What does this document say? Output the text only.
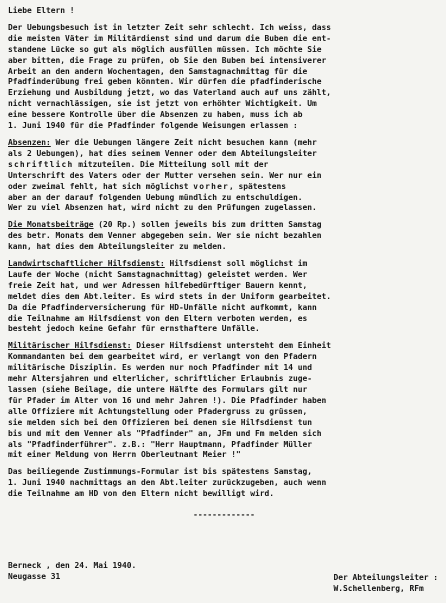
Liebe Eltern !
Der Uebungsbesuch ist in letzter Zeit sehr schlecht. Ich weiss, dass
die meisten Väter im Militärdienst sind und darum die Buben die ent-
standene Lücke so gut als möglich ausfüllen müssen. Ich möchte Sie
aber bitten, die Frage zu prüfen, ob Sie den Buben bei intensiverer
Arbeit an den andern Wochentagen, den Samstagnachmittag für die
Pfadfinderübung frei geben könnten. Wir dürfen die pfadfinderische
Erziehung und Ausbildung jetzt, wo das Vaterland auch auf uns zählt,
nicht vernachlässigen, sie ist jetzt von erhöhter Wichtigkeit. Um
eine bessere Kontrolle über die Absenzen zu haben, muss ich ab
1. Juni 1940 für die Pfadfinder folgende Weisungen erlassen :
Absenzen: Wer die Uebungen längere Zeit nicht besuchen kann (mehr
als 2 Uebungen), hat dies seinem Venner oder dem Abteilungsleiter
schriftlich mitzuteilen. Die Mitteilung soll mit der
Unterschrift des Vaters oder der Mutter versehen sein. Wer nur ein
oder zweimal fehlt, hat sich möglichst vorher, spätestens
aber an der darauf folgenden Uebung mündlich zu entschuldigen.
Wer zu viel Absenzen hat, wird nicht zu den Prüfungen zugelassen.
Die Monatsbeiträge (20 Rp.) sollen jeweils bis zum dritten Samstag
des betr. Monats dem Venner abgegeben sein. Wer sie nicht bezahlen
kann, hat dies dem Abteilungsleiter zu melden.
Landwirtschaftlicher Hilfsdienst: Hilfsdienst soll möglichst im
Laufe der Woche (nicht Samstagnachmittag) geleistet werden. Wer
freie Zeit hat, und wer Adressen hilfebedürftiger Bauern kennt,
meldet dies dem Abt.leiter. Es wird stets in der Uniform gearbeitet.
Da die Pfadfinderversicherung für HD-Unfälle nicht aufkommt, kann
die Teilnahme am Hilfsdienst von den Eltern verboten werden, es
besteht jedoch keine Gefahr für ernsthaftere Unfälle.
Militärischer Hilfsdienst: Dieser Hilfsdienst untersteht dem Einheit
Kommandanten bei dem gearbeitet wird, er verlangt von den Pfadern
militärische Disziplin. Es werden nur noch Pfadfinder mit 14 und
mehr Altersjahren und elterlicher, schriftlicher Erlaubnis zuge-
lassen (siehe Beilage, die untere Hälfte des Formulars gilt nur
für Pfader im Alter von 16 und mehr Jahren !). Die Pfadfinder haben
alle Offiziere mit Achtungstellung oder Pfadergruss zu grüssen,
sie melden sich bei den Offizieren bei denen sie Hilfsdienst tun
bis und mit dem Venner als "Pfadfinder" an, JFm und Fm melden sich
als "Pfadfinderführer". z.B.: "Herr Hauptmann, Pfadfinder Müller
mit einer Meldung von Herrn Oberleutnant Meier !"
Das beiliegende Zustimmungs-Formular ist bis spätestens Samstag,
1. Juni 1940 nachmittags an den Abt.leiter zurückzugeben, auch wenn
die Teilnahme am HD von den Eltern nicht bewilligt wird.
-------------
Berneck , den 24. Mai 1940.
Neugasse 31	Der Abteilungsleiter :
W.Schellenberg, RFm
